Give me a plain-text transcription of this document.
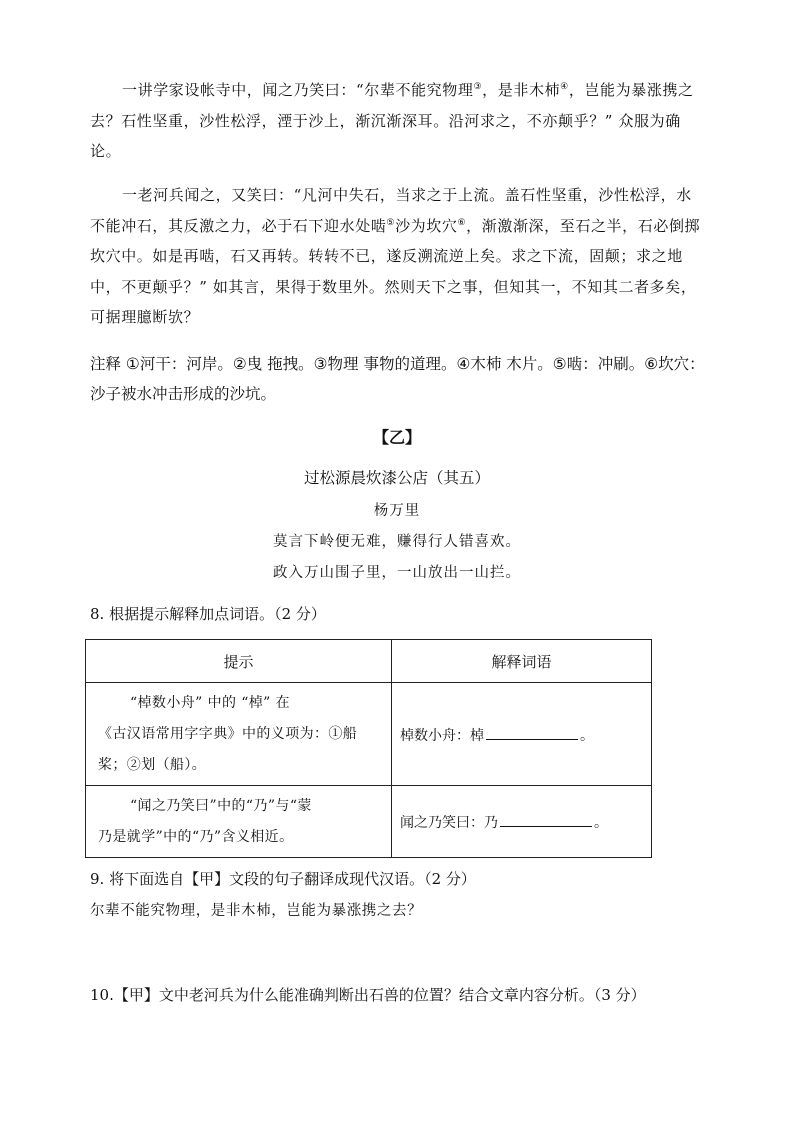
一讲学家设帐寺中，闻之乃笑曰：“尔辈不能究物理③，是非木杮④，岂能为暴涨携之去？石性坚重，沙性松浮，湮于沙上，渐沉渐深耳。沿河求之，不亦颠乎？” 众服为确论。

一老河兵闻之，又笑曰：“凡河中失石，当求之于上流。盖石性坚重，沙性松浮，水不能冲石，其反激之力，必于石下迎水处啮⑤沙为坎穴⑥，渐激渐深，至石之半，石必倒掷坎穴中。如是再啮，石又再转。转转不已，遂反溯流逆上矣。求之下流，固颠；求之地中，不更颠乎？” 如其言，果得于数里外。然则天下之事，但知其一，不知其二者多矣，可据理臆断欤？

注释 ①河干：河岸。②曳 拖拽。③物理 事物的道理。④木杮 木片。⑤啮：冲刷。⑥坎穴：沙子被水冲击形成的沙坑。

【乙】

过松源晨炊漆公店（其五）

杨万里

莫言下岭便无难，赚得行人错喜欢。

政入万山围子里，一山放出一山拦。

8. 根据提示解释加点词语。（2 分）

提示	解释词语

“棹数小舟” 中的 “棹” 在
《古汉语常用字字典》中的义项为：①船桨；②划（船）。	棹数小舟：棹 。

“闻之乃笑曰”中的“乃”与“蒙
乃是就学”中的“乃”含义相近。	闻之乃笑曰：乃 。

9. 将下面选自【甲】文段的句子翻译成现代汉语。（2 分）

尔辈不能究物理，是非木杮，岂能为暴涨携之去？

10.【甲】文中老河兵为什么能准确判断出石兽的位置？结合文章内容分析。（3 分）
